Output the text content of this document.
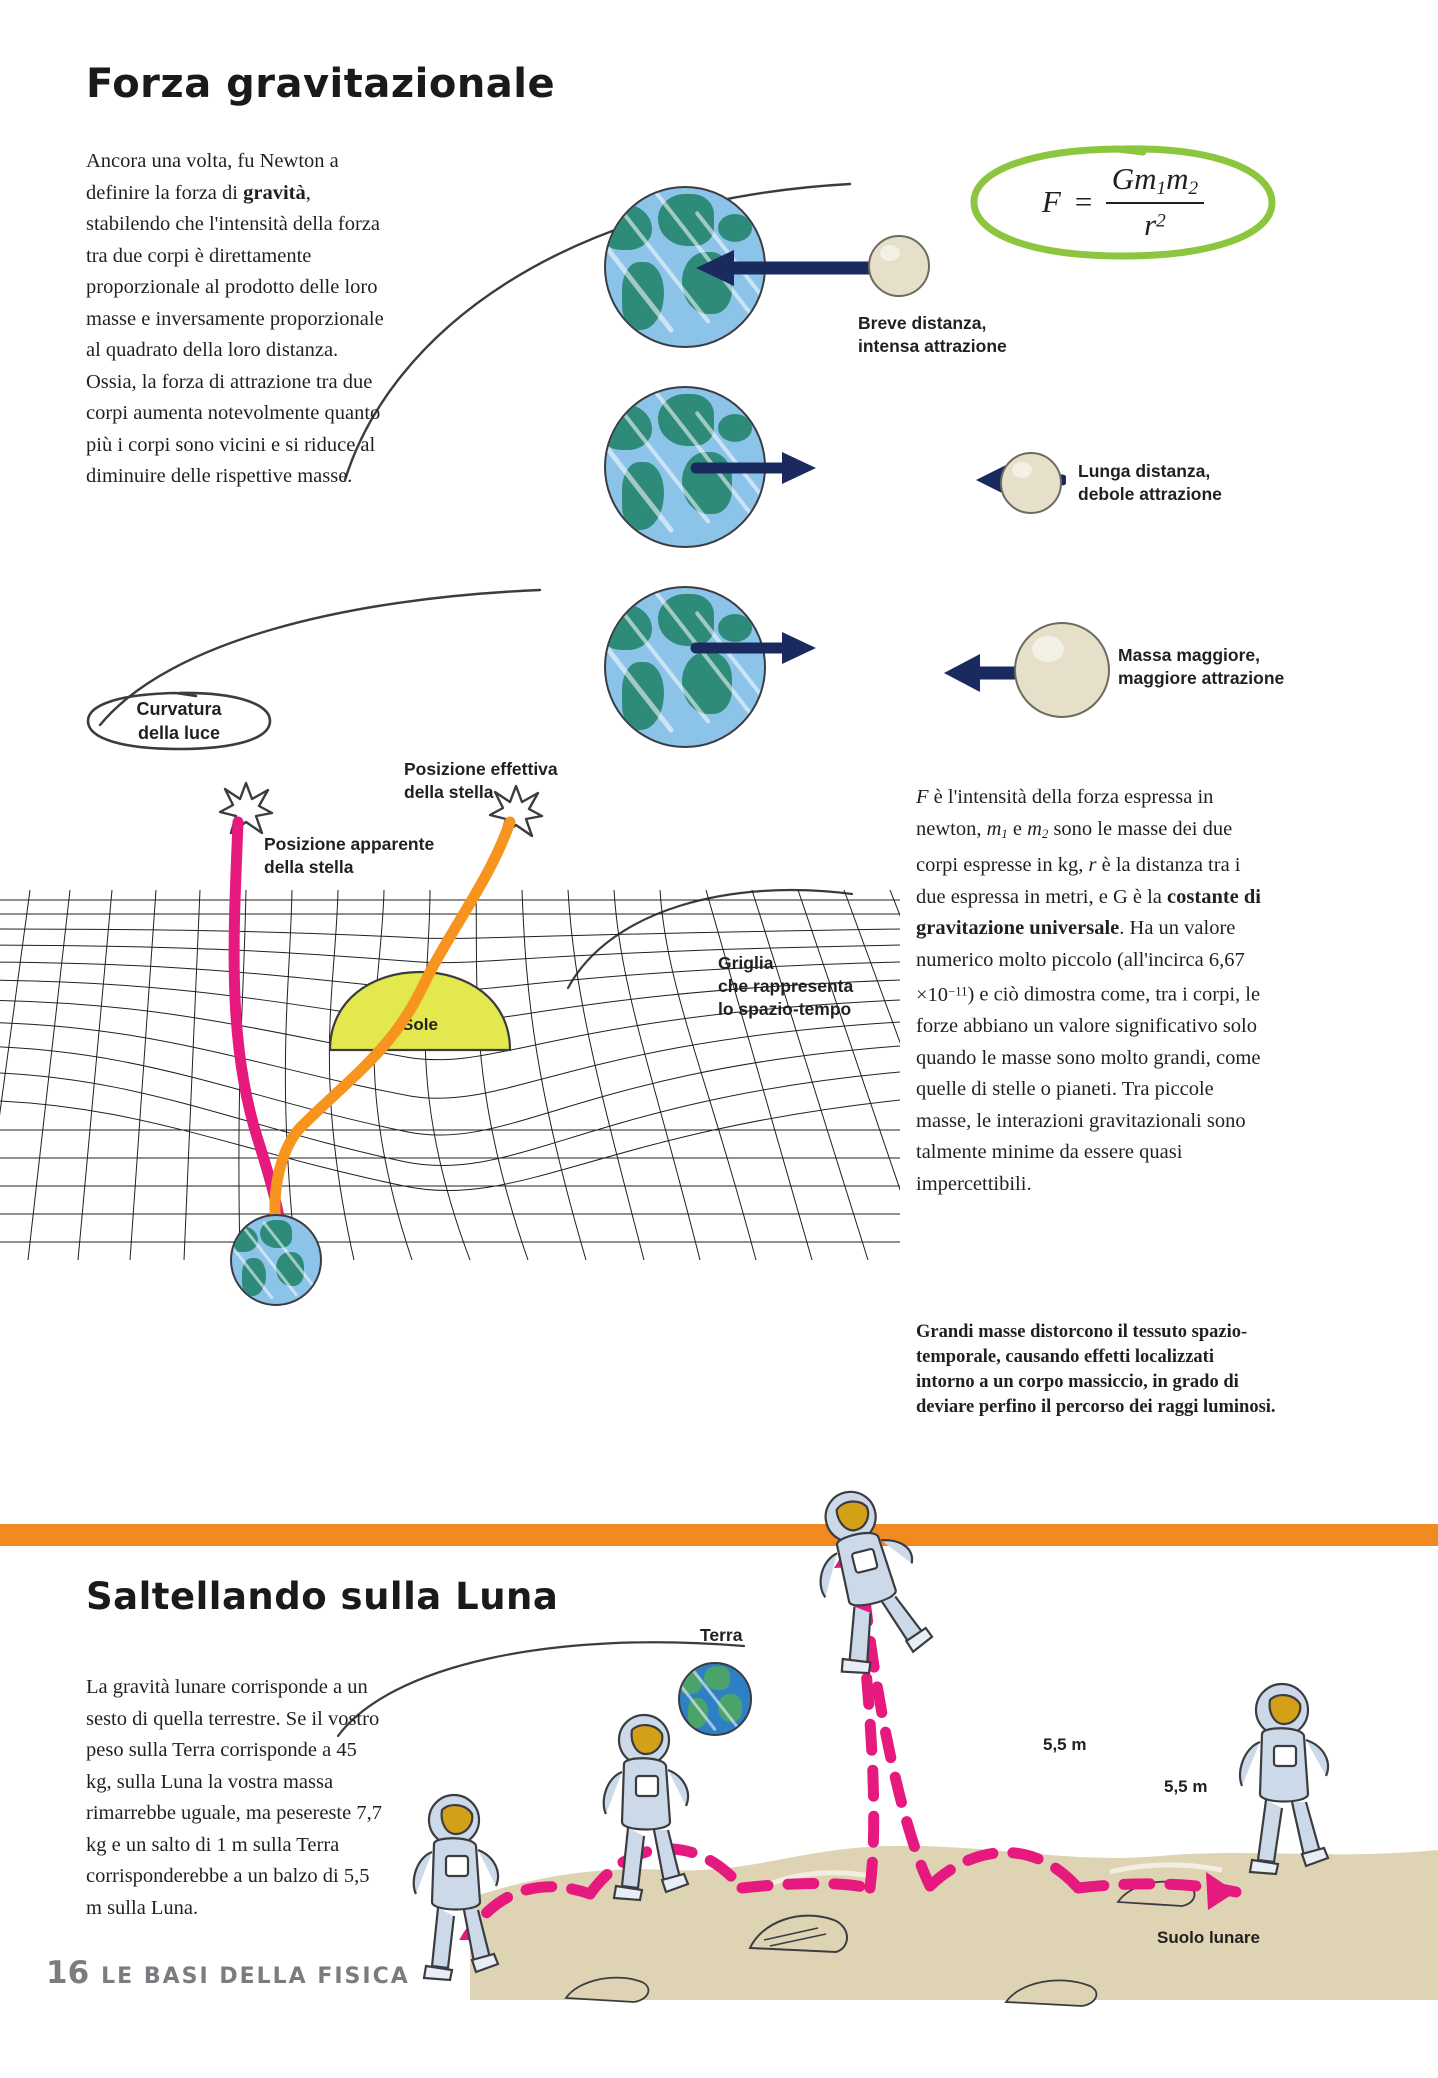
Forza gravitazionale
Ancora una volta, fu Newton a definire la forza di gravità, stabilendo che l'intensità della forza tra due corpi è direttamente proporzionale al prodotto delle loro masse e inversamente proporzionale al quadrato della loro distanza. Ossia, la forza di attrazione tra due corpi aumenta notevolmente quanto più i corpi sono vicini e si riduce al diminuire delle rispettive masse.
$F = \frac{Gm_1m_2}{r^2}$
Breve distanza,
intensa attrazione
Lunga distanza,
debole attrazione
Massa maggiore,
maggiore attrazione
Curvatura
della luce
Posizione effettiva
della stella
Posizione apparente
della stella
Sole
Griglia
che rappresenta
lo spazio-tempo
F è l'intensità della forza espressa in newton, $m_1$ e $m_2$ sono le masse dei due corpi espresse in kg, r è la distanza tra i due espressa in metri, e G è la costante di gravitazione universale. Ha un valore numerico molto piccolo (all'incirca $6,67 \times 10^{-11}$) e ciò dimostra come, tra i corpi, le forze abbiano un valore significativo solo quando le masse sono molto grandi, come quelle di stelle o pianeti. Tra piccole masse, le interazioni gravitazionali sono talmente minime da essere quasi impercettibili.
Grandi masse distorcono il tessuto spazio-temporale, causando effetti localizzati intorno a un corpo massiccio, in grado di deviare perfino il percorso dei raggi luminosi.
Saltellando sulla Luna
La gravità lunare corrisponde a un sesto di quella terrestre. Se il vostro peso sulla Terra corrisponde a 45 kg, sulla Luna la vostra massa rimarrebbe uguale, ma pesereste 7,7 kg e un salto di 1 m sulla Terra corrisponderebbe a un balzo di 5,5 m sulla Luna.
Terra
5,5 m
5,5 m
Suolo lunare
16 LE BASI DELLA FISICA
